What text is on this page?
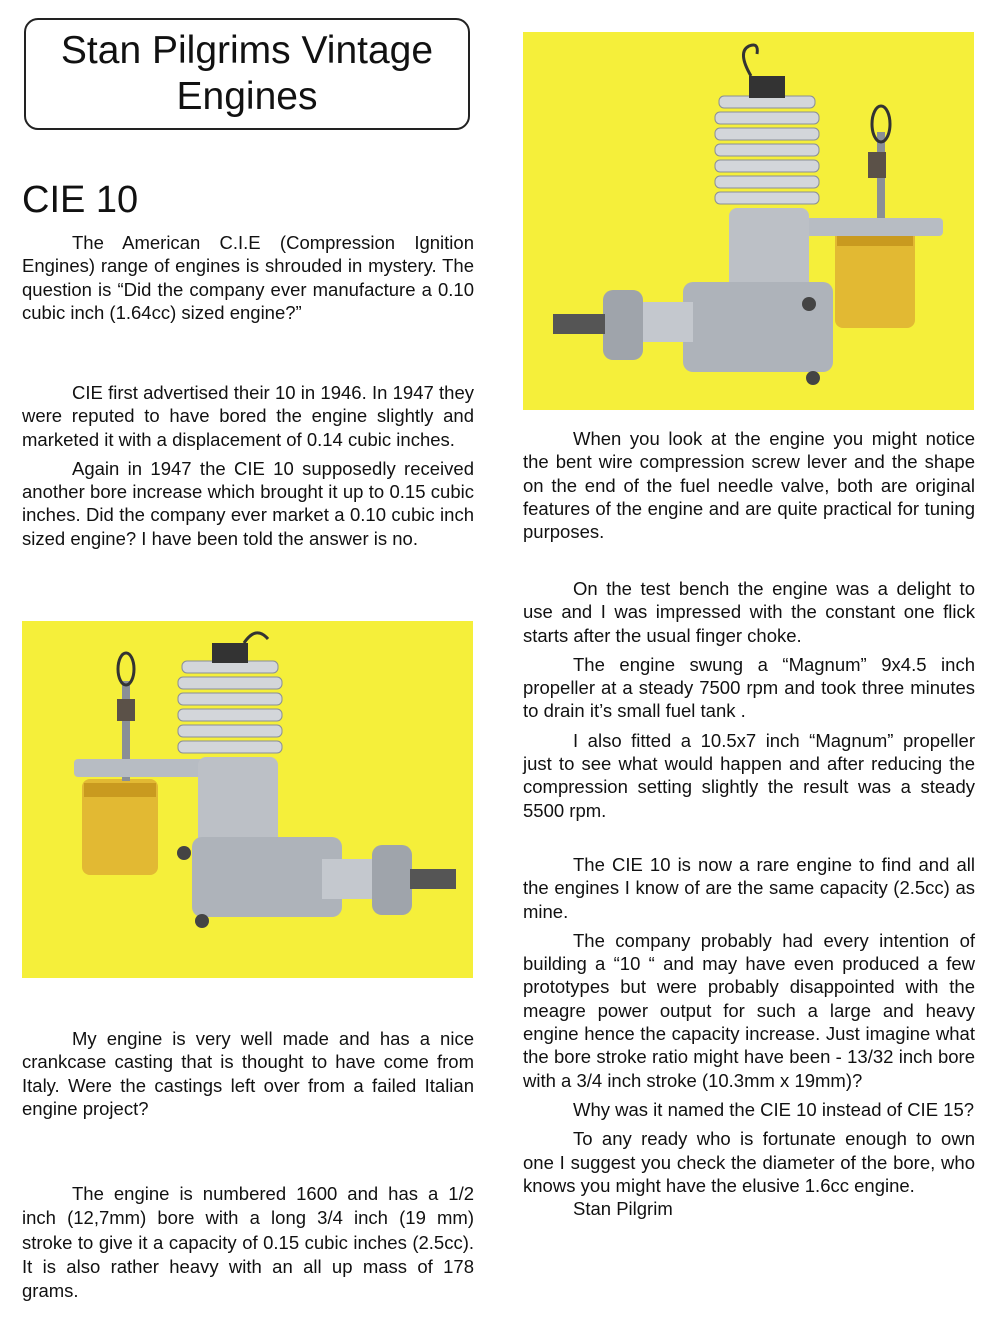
Stan Pilgrims Vintage
Engines
CIE 10

The American C.I.E (Compression Ignition Engines) range of engines is shrouded in mystery. The question is “Did the company ever manufacture a 0.10 cubic inch (1.64cc) sized engine?”

CIE first advertised their 10 in 1946. In 1947 they were reputed to have bored the engine slightly and marketed it with a displacement of 0.14 cubic inches.

Again in 1947 the CIE 10 supposedly received another bore increase which brought it up to 0.15 cubic inches. Did the company ever market a 0.10 cubic inch sized engine? I have been told the answer is no.

My engine is very well made and has a nice crankcase casting that is thought to have come from Italy. Were the castings left over from a failed Italian engine project?

The engine is numbered 1600 and has a 1/2 inch (12,7mm) bore with a long 3/4 inch (19 mm) stroke to give it a capacity of 0.15 cubic inches (2.5cc). It is also rather heavy with an all up mass of 178 grams.

When you look at the engine you might notice the bent wire compression screw lever and the shape on the end of the fuel needle valve, both are original features of the engine and are quite practical for tuning purposes.

On the test bench the engine was a delight to use and I was impressed with the constant one flick starts after the usual finger choke.

The engine swung a “Magnum” 9x4.5 inch propeller at a steady 7500 rpm and took three minutes to drain it’s small fuel tank .

I also fitted a 10.5x7 inch “Magnum” propeller just to see what would happen and after reducing the compression setting slightly the result was a steady 5500 rpm.

The CIE 10 is now a rare engine to find and all the engines I know of are the same capacity (2.5cc) as mine.

The company probably had every intention of building a “10 “ and may have even produced a few prototypes but were probably disappointed with the meagre power output for such a large and heavy engine hence the capacity increase. Just imagine what the bore stroke ratio might have been - 13/32 inch bore with a 3/4 inch stroke (10.3mm x 19mm)?

Why was it named the CIE 10 instead of CIE 15?

To any ready who is fortunate enough to own one I suggest you check the diameter of the bore, who knows you might have the elusive 1.6cc engine.

Stan Pilgrim
